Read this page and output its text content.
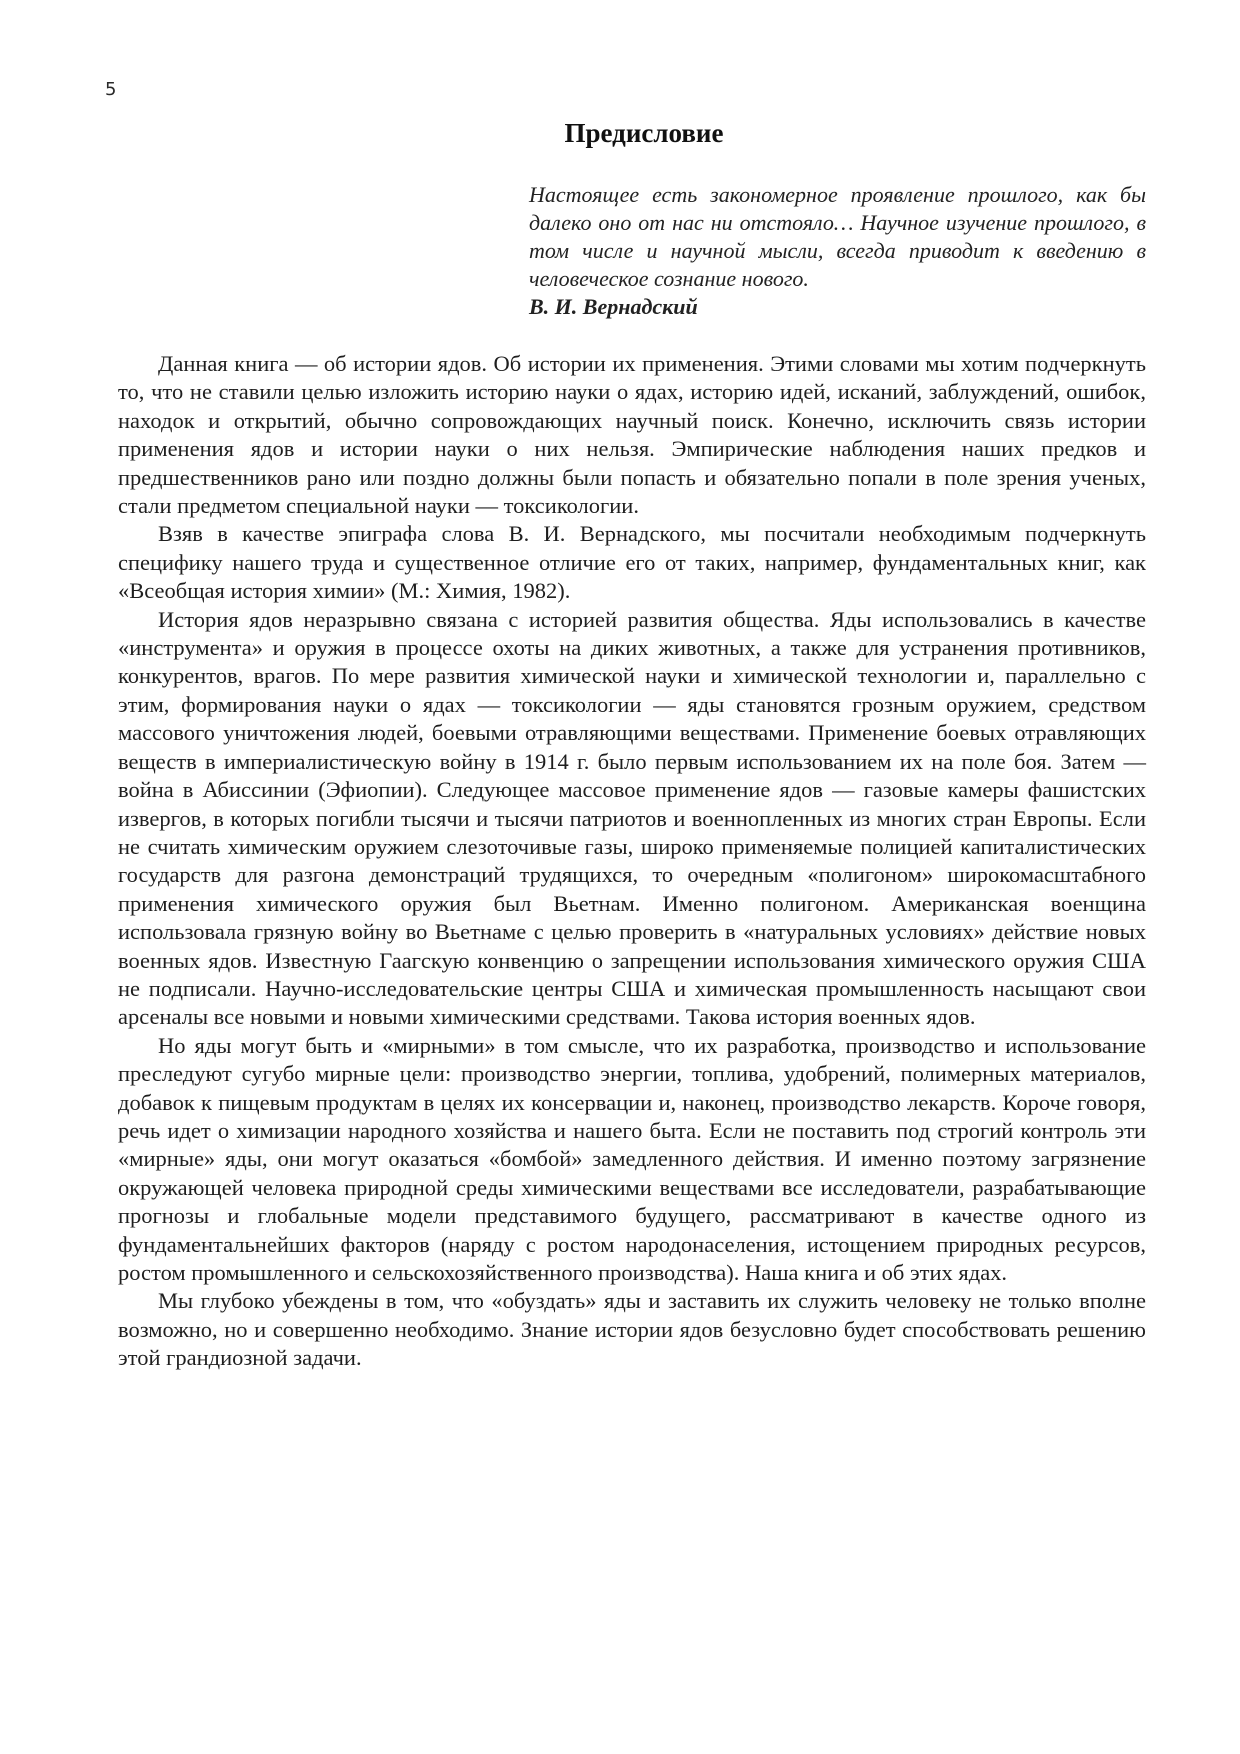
5
Предисловие

Настоящее есть закономерное проявление прошлого, как бы далеко оно от нас ни отстояло… Научное изучение прошлого, в том числе и научной мысли, всегда приводит к введению в человеческое сознание нового.

В. И. Вернадский

Данная книга — об истории ядов. Об истории их применения. Этими словами мы хотим подчеркнуть то, что не ставили целью изложить историю науки о ядах, историю идей, исканий, заблуждений, ошибок, находок и открытий, обычно сопровождающих научный поиск. Конечно, исключить связь истории применения ядов и истории науки о них нельзя. Эмпирические наблюдения наших предков и предшественников рано или поздно должны были попасть и обязательно попали в поле зрения ученых, стали предметом специальной науки — токсикологии.

Взяв в качестве эпиграфа слова В. И. Вернадского, мы посчитали необходимым подчеркнуть специфику нашего труда и существенное отличие его от таких, например, фундаментальных книг, как «Всеобщая история химии» (М.: Химия, 1982).

История ядов неразрывно связана с историей развития общества. Яды использовались в качестве «инструмента» и оружия в процессе охоты на диких животных, а также для устранения противников, конкурентов, врагов. По мере развития химической науки и химической технологии и, параллельно с этим, формирования науки о ядах — токсикологии — яды становятся грозным оружием, средством массового уничтожения людей, боевыми отравляющими веществами. Применение боевых отравляющих веществ в империалистическую войну в 1914 г. было первым использованием их на поле боя. Затем — война в Абиссинии (Эфиопии). Следующее массовое применение ядов — газовые камеры фашистских извергов, в которых погибли тысячи и тысячи патриотов и военнопленных из многих стран Европы. Если не считать химическим оружием слезоточивые газы, широко применяемые полицией капиталистических государств для разгона демонстраций трудящихся, то очередным «полигоном» широкомасштабного применения химического оружия был Вьетнам. Именно полигоном. Американская военщина использовала грязную войну во Вьетнаме с целью проверить в «натуральных условиях» действие новых военных ядов. Известную Гаагскую конвенцию о запрещении использования химического оружия США не подписали. Научно-исследовательские центры США и химическая промышленность насыщают свои арсеналы все новыми и новыми химическими средствами. Такова история военных ядов.

Но яды могут быть и «мирными» в том смысле, что их разработка, производство и использование преследуют сугубо мирные цели: производство энергии, топлива, удобрений, полимерных материалов, добавок к пищевым продуктам в целях их консервации и, наконец, производство лекарств. Короче говоря, речь идет о химизации народного хозяйства и нашего быта. Если не поставить под строгий контроль эти «мирные» яды, они могут оказаться «бомбой» замедленного действия. И именно поэтому загрязнение окружающей человека природной среды химическими веществами все исследователи, разрабатывающие прогнозы и глобальные модели представимого будущего, рассматривают в качестве одного из фундаментальнейших факторов (наряду с ростом народонаселения, истощением природных ресурсов, ростом промышленного и сельскохозяйственного производства). Наша книга и об этих ядах.

Мы глубоко убеждены в том, что «обуздать» яды и заставить их служить человеку не только вполне возможно, но и совершенно необходимо. Знание истории ядов безусловно будет способствовать решению этой грандиозной задачи.
